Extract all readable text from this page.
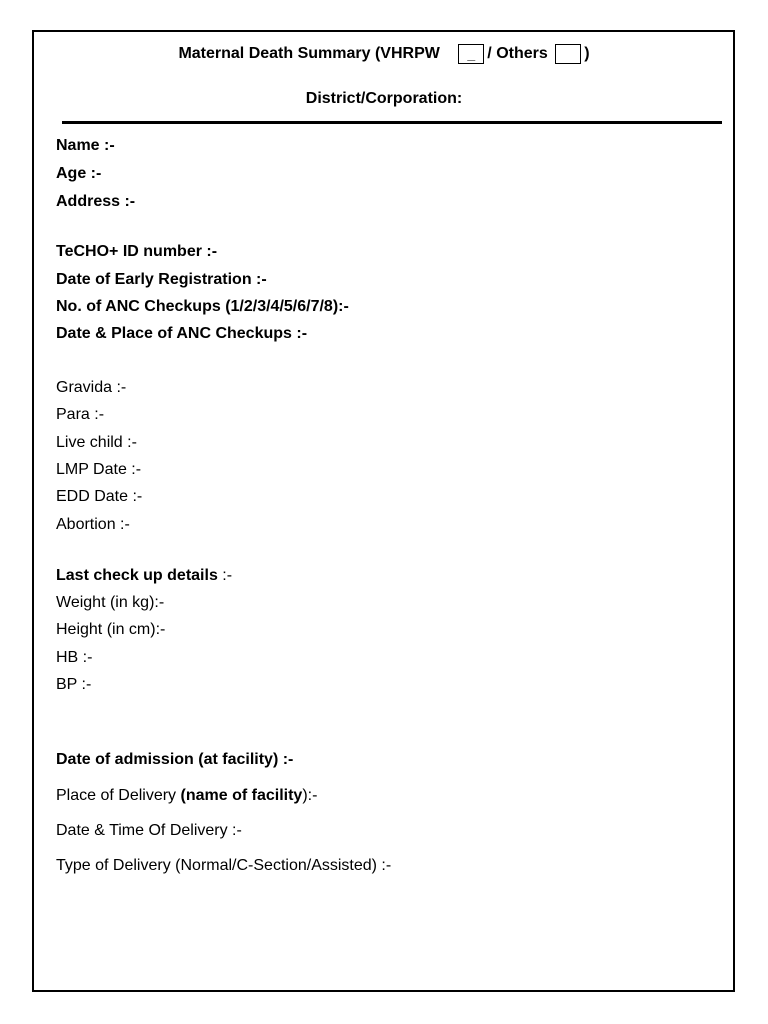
Maternal Death Summary (VHRPW _ / Others )
District/Corporation:
Name :-
Age :-
Address :-
TeCHO+ ID number :-
Date of Early Registration :-
No. of ANC Checkups (1/2/3/4/5/6/7/8):-
Date & Place of ANC Checkups :-
Gravida :-
Para :-
Live child :-
LMP Date :-
EDD Date :-
Abortion :-
Last check up details :-
Weight (in kg):-
Height (in cm):-
HB :-
BP :-
Date of admission (at facility) :-
Place of Delivery (name of facility):-
Date & Time Of Delivery :-
Type of Delivery (Normal/C-Section/Assisted) :-
